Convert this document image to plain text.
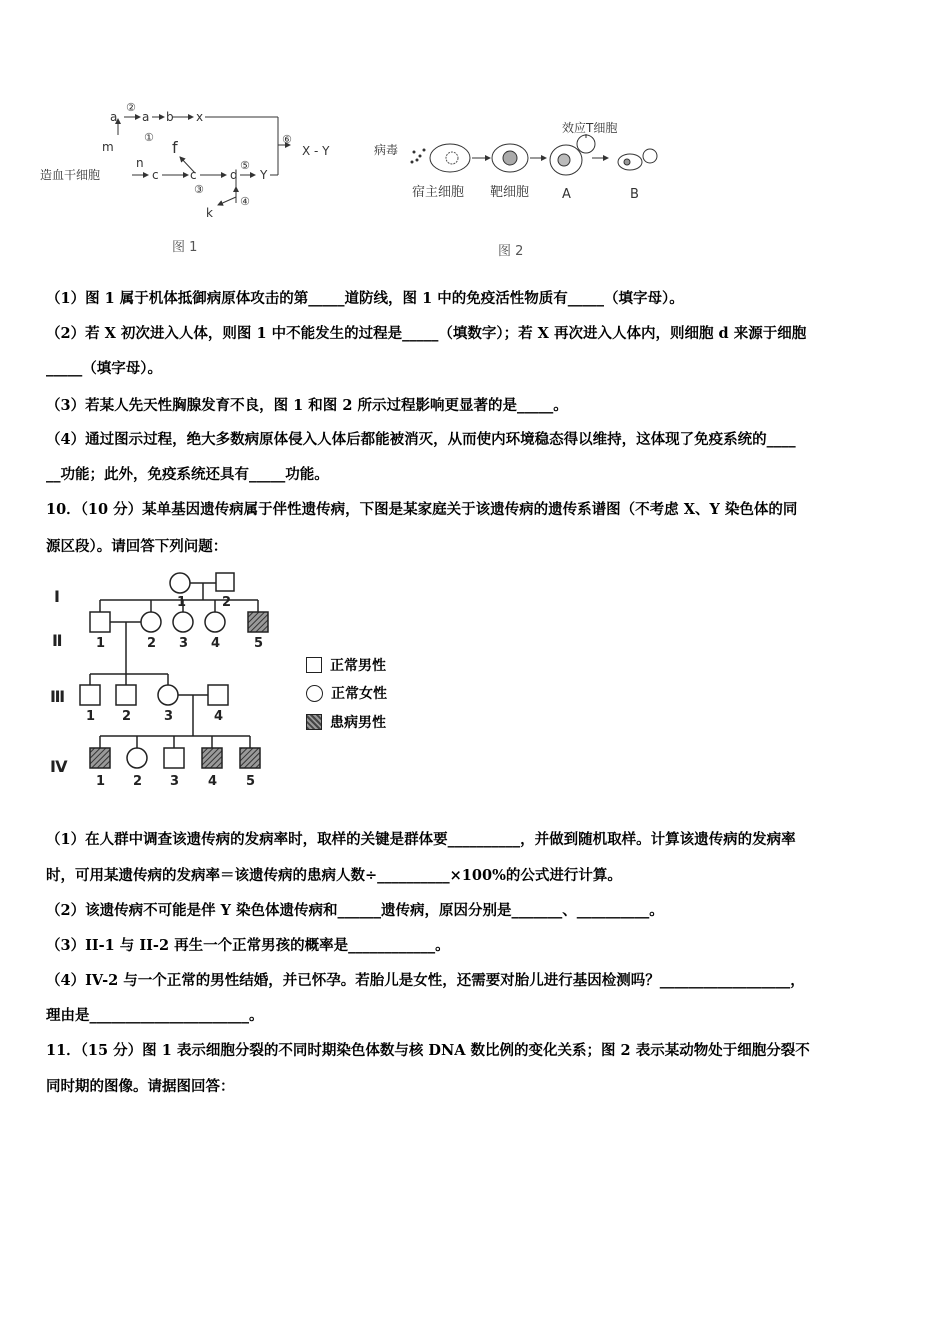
造血干细胞
a a b x
m
n
c	c
f
d Y
k
X - Y
②
①
③
⑤
④
⑥
图 1
病毒
效应T细胞
宿主细胞 靶细胞	A	B
图 2
（1）图 1 属于机体抵御病原体攻击的第_____道防线，图 1 中的免疫活性物质有_____（填字母）。
（2）若 X 初次进入人体，则图 1 中不能发生的过程是_____（填数字）；若 X 再次进入人体内，则细胞 d 来源于细胞
_____（填字母）。
（3）若某人先天性胸腺发育不良，图 1 和图 2 所示过程影响更显著的是_____。
（4）通过图示过程，绝大多数病原体侵入人体后都能被消灭，从而使内环境稳态得以维持，这体现了免疫系统的____
__功能；此外，免疫系统还具有_____功能。
10．（10 分）某单基因遗传病属于伴性遗传病，下图是某家庭关于该遗传病的遗传系谱图（不考虑 X、Y 染色体的同
源区段）。请回答下列问题：
Ⅰ
Ⅱ
Ⅲ
Ⅳ
1	2
1	2 3 4	5
1 2	3	4
1 2 3 4 5
正常男性
正常女性
患病男性
（1）在人群中调查该遗传病的发病率时，取样的关键是群体要__________，并做到随机取样。计算该遗传病的发病率
时，可用某遗传病的发病率＝该遗传病的患病人数÷__________×100%的公式进行计算。
（2）该遗传病不可能是伴 Y 染色体遗传病和______遗传病，原因分别是_______、__________。
（3）II-1 与 II-2 再生一个正常男孩的概率是____________。
（4）IV-2 与一个正常的男性结婚，并已怀孕。若胎儿是女性，还需要对胎儿进行基因检测吗？__________________，
理由是______________________。
11．（15 分）图 1 表示细胞分裂的不同时期染色体数与核 DNA 数比例的变化关系；图 2 表示某动物处于细胞分裂不
同时期的图像。请据图回答：
